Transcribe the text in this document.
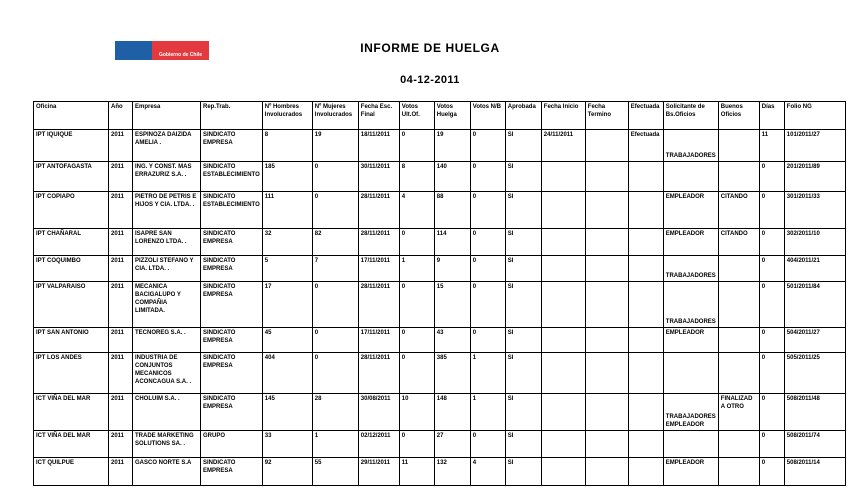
Gobierno de Chile	INFORME DE HUELGA
04-12-2011
Oficina	Año	Empresa	Rep.Trab.	Nº Hombres Involucrados	Nº Mujeres Involucrados	Fecha Esc. Final	Votos Ult.Of.	Votos Huelga	Votos N/B	Aprobada	Fecha Inicio	Fecha Termino	Efectuada	Solicitante de Bs.Oficios	Buenos Oficios	Días	Folio NG
IPT IQUIQUE	2011	ESPINOZA DAIZIDA AMELIA .	SINDICATO EMPRESA	8	19	18/11/2011	0	19	0	SI	24/11/2011		Efectuada	TRABAJADORES		11	101/2011/27
IPT ANTOFAGASTA	2011	ING. Y CONST. MAS ERRAZURIZ S.A. .	SINDICATO ESTABLECIMIENTO	185	0	30/11/2011	8	140	0	SI						0	201/2011/89
IPT COPIAPO	2011	PIETRO DE PETRIS E HIJOS Y CIA. LTDA. .	SINDICATO ESTABLECIMIENTO	111	0	28/11/2011	4	88	0	SI				EMPLEADOR	CITANDO	0	301/2011/33
IPT CHAÑARAL	2011	ISAPRE SAN LORENZO LTDA. .	SINDICATO EMPRESA	32	82	28/11/2011	0	114	0	SI				EMPLEADOR	CITANDO	0	302/2011/10
IPT COQUIMBO	2011	PIZZOLI STEFANO Y CIA. LTDA. .	SINDICATO EMPRESA	5	7	17/11/2011	1	9	0	SI				TRABAJADORES		0	404/2011/21
IPT VALPARAISO	2011	MECANICA BACIGALUPO Y COMPAÑIA LIMITADA.	SINDICATO EMPRESA	17	0	28/11/2011	0	15	0	SI				TRABAJADORES		0	501/2011/84
IPT SAN ANTONIO	2011	TECNOREG S.A. .	SINDICATO EMPRESA	45	0	17/11/2011	0	43	0	SI				EMPLEADOR		0	504/2011/27
IPT LOS ANDES	2011	INDUSTRIA DE CONJUNTOS MECANICOS ACONCAGUA S.A. .	SINDICATO EMPRESA	404	0	28/11/2011	0	385	1	SI						0	505/2011/25
ICT VIÑA DEL MAR	2011	CHOLUIM S.A. .	SINDICATO EMPRESA	145	28	30/08/2011	10	148	1	SI				TRABAJADORES EMPLEADOR	FINALIZAD A OTRO	0	508/2011/48
ICT VIÑA DEL MAR	2011	TRADE MARKETING SOLUTIONS SA. .	GRUPO	33	1	02/12/2011	0	27	0	SI						0	508/2011/74
ICT QUILPUE	2011	GASCO NORTE S.A	SINDICATO EMPRESA	92	55	29/11/2011	11	132	4	SI				EMPLEADOR		0	508/2011/14
